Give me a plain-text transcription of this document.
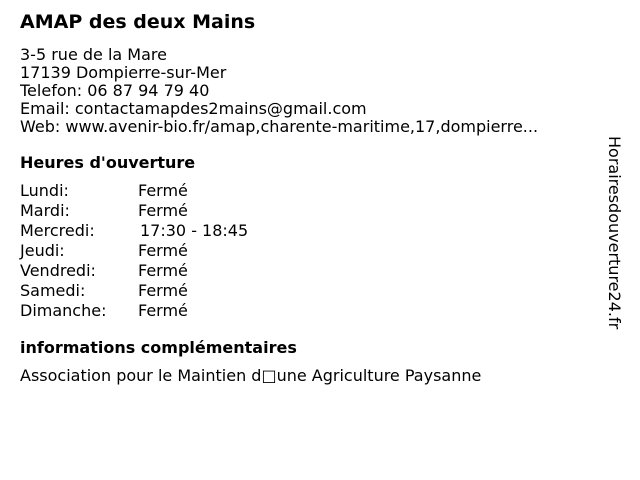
AMAP des deux Mains
3-5 rue de la Mare
17139 Dompierre-sur-Mer
Telefon: 06 87 94 79 40
Email: contactamapdes2mains@gmail.com
Web: www.avenir-bio.fr/amap,charente-maritime,17,dompierre...
Heures d'ouverture
Lundi:	Fermé
Mardi:	Fermé
Mercredi:	17:30 - 18:45
Jeudi:	Fermé
Vendredi:	Fermé
Samedi:	Fermé
Dimanche:	Fermé
informations complémentaires
Association pour le Maintien d□une Agriculture Paysanne
Horairesdouverture24.fr
